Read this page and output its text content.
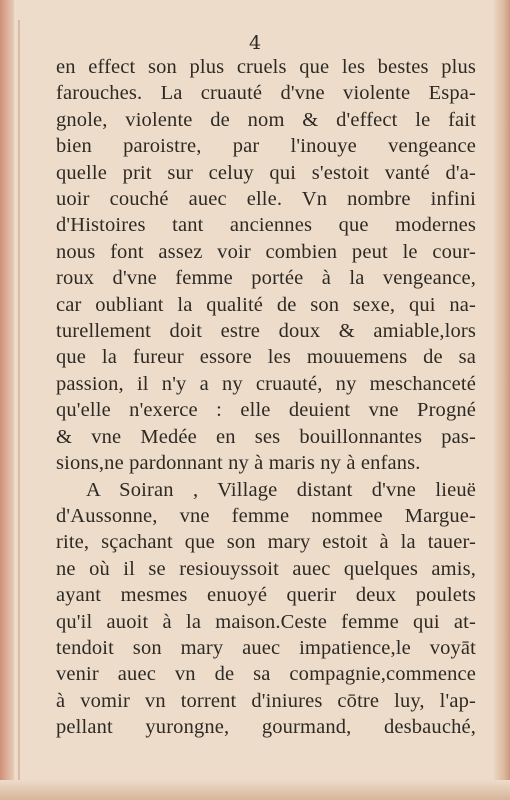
4
en effect son plus cruels que les bestes plus
farouches. La cruauté d'vne violente Espa-
gnole, violente de nom & d'effect le fait
bien paroistre, par l'inouye vengeance
quelle prit sur celuy qui s'estoit vanté d'a-
uoir couché auec elle. Vn nombre infini
d'Histoires tant anciennes que modernes
nous font assez voir combien peut le cour-
roux d'vne femme portée à la vengeance,
car oubliant la qualité de son sexe, qui na-
turellement doit estre doux & amiable,lors
que la fureur essore les mouuemens de sa
passion, il n'y a ny cruauté, ny meschanceté
qu'elle n'exerce : elle deuient vne Progné
& vne Medée en ses bouillonnantes pas-
sions,ne pardonnant ny à maris ny à enfans.
A Soiran , Village distant d'vne lieuë
d'Aussonne, vne femme nommee Margue-
rite, sçachant que son mary estoit à la tauer-
ne où il se resiouyssoit auec quelques amis,
ayant mesmes enuoyé querir deux poulets
qu'il auoit à la maison.Ceste femme qui at-
tendoit son mary auec impatience,le voyāt
venir auec vn de sa compagnie,commence
à vomir vn torrent d'iniures cōtre luy, l'ap-
pellant yurongne, gourmand, desbauché,
